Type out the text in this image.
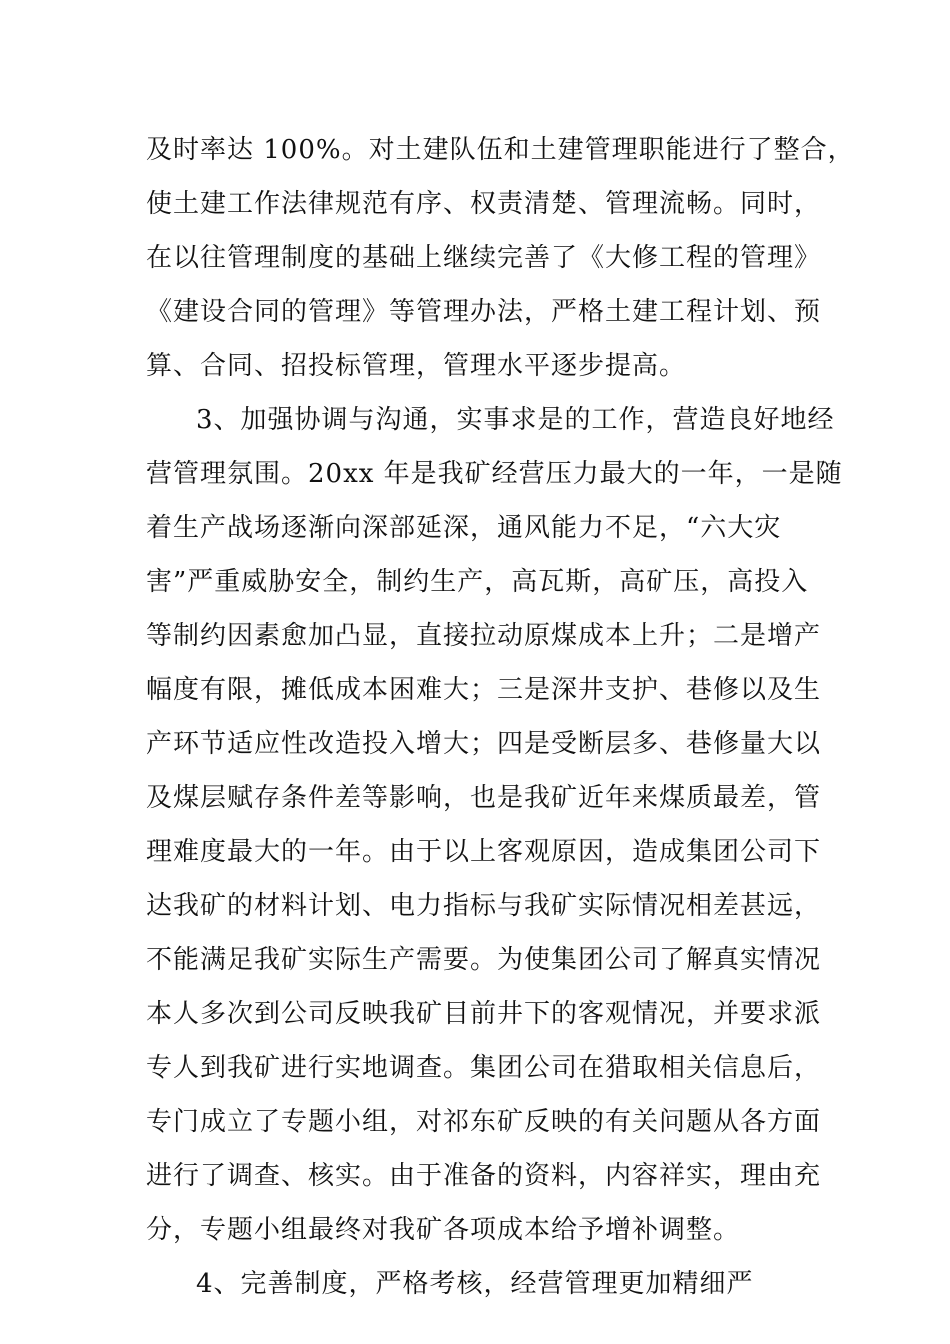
及时率达 100%。对土建队伍和土建管理职能进行了整合，
使土建工作法律规范有序、权责清楚、管理流畅。同时，
在以往管理制度的基础上继续完善了《大修工程的管理》
《建设合同的管理》等管理办法，严格土建工程计划、预
算、合同、招投标管理，管理水平逐步提高。
3、加强协调与沟通，实事求是的工作，营造良好地经
营管理氛围。20xx 年是我矿经营压力最大的一年，一是随
着生产战场逐渐向深部延深，通风能力不足，“六大灾
害”严重威胁安全，制约生产，高瓦斯，高矿压，高投入
等制约因素愈加凸显，直接拉动原煤成本上升；二是增产
幅度有限，摊低成本困难大；三是深井支护、巷修以及生
产环节适应性改造投入增大；四是受断层多、巷修量大以
及煤层赋存条件差等影响，也是我矿近年来煤质最差，管
理难度最大的一年。由于以上客观原因，造成集团公司下
达我矿的材料计划、电力指标与我矿实际情况相差甚远，
不能满足我矿实际生产需要。为使集团公司了解真实情况
本人多次到公司反映我矿目前井下的客观情况，并要求派
专人到我矿进行实地调查。集团公司在猎取相关信息后，
专门成立了专题小组，对祁东矿反映的有关问题从各方面
进行了调查、核实。由于准备的资料，内容祥实，理由充
分，专题小组最终对我矿各项成本给予增补调整。
4、完善制度，严格考核，经营管理更加精细严
